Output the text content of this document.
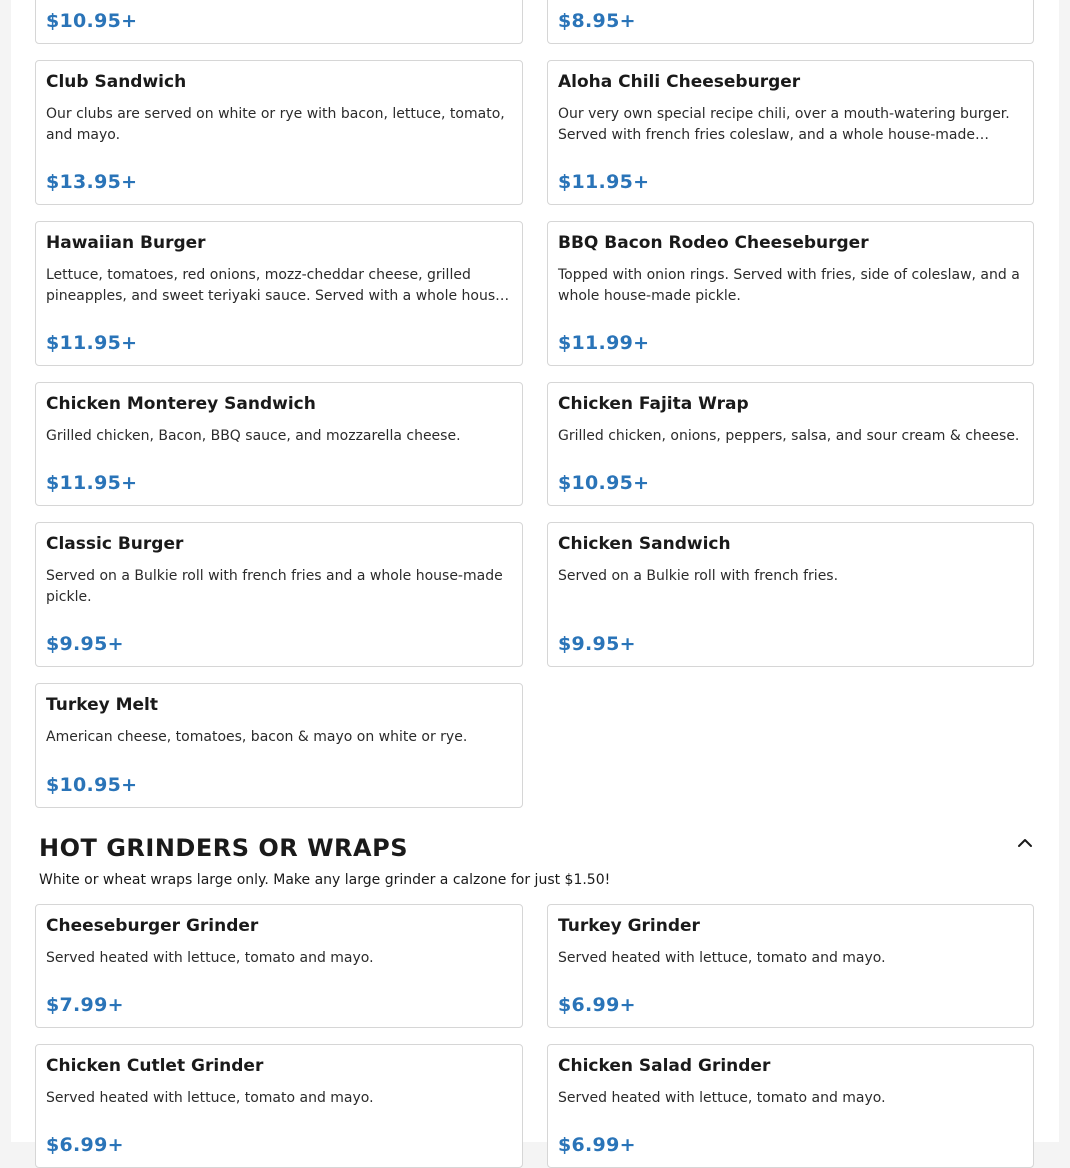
$10.95+	$8.95+
Club Sandwich
Our clubs are served on white or rye with bacon, lettuce, tomato, and mayo.
$13.95+
Aloha Chili Cheeseburger
Our very own special recipe chili, over a mouth-watering burger. Served with french fries coleslaw, and a whole house-made…
$11.95+
Hawaiian Burger
Lettuce, tomatoes, red onions, mozz-cheddar cheese, grilled pineapples, and sweet teriyaki sauce. Served with a whole hous…
$11.95+
BBQ Bacon Rodeo Cheeseburger
Topped with onion rings. Served with fries, side of coleslaw, and a whole house-made pickle.
$11.99+
Chicken Monterey Sandwich
Grilled chicken, Bacon, BBQ sauce, and mozzarella cheese.
$11.95+
Chicken Fajita Wrap
Grilled chicken, onions, peppers, salsa, and sour cream & cheese.
$10.95+
Classic Burger
Served on a Bulkie roll with french fries and a whole house-made pickle.
$9.95+
Chicken Sandwich
Served on a Bulkie roll with french fries.
$9.95+
Turkey Melt
American cheese, tomatoes, bacon & mayo on white or rye.
$10.95+
HOT GRINDERS OR WRAPS
White or wheat wraps large only. Make any large grinder a calzone for just $1.50!
Cheeseburger Grinder
Served heated with lettuce, tomato and mayo.
$7.99+
Turkey Grinder
Served heated with lettuce, tomato and mayo.
$6.99+
Chicken Cutlet Grinder
Served heated with lettuce, tomato and mayo.
$6.99+
Chicken Salad Grinder
Served heated with lettuce, tomato and mayo.
$6.99+
